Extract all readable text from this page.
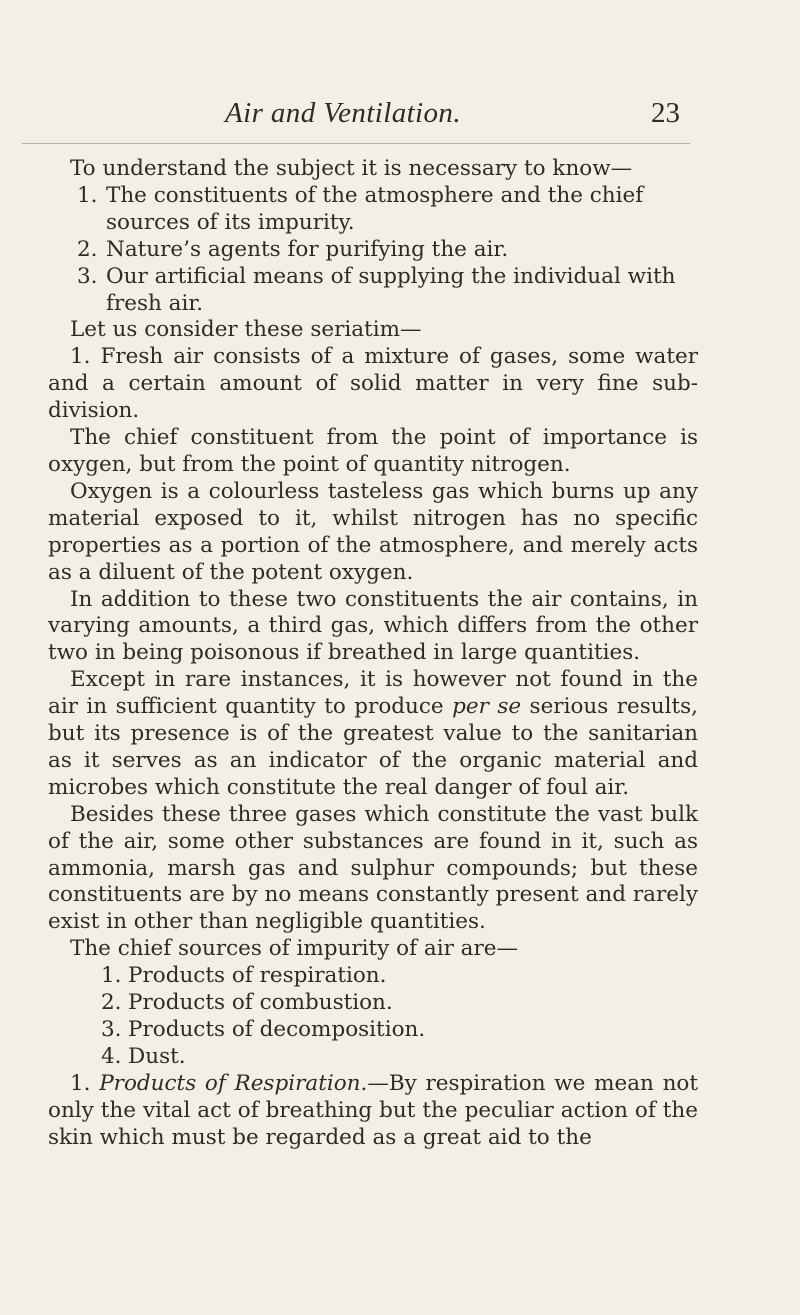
Air and Ventilation.	23

To understand the subject it is necessary to know—

1. The constituents of the atmosphere and the chief sources of its impurity.
2. Nature’s agents for purifying the air.
3. Our artificial means of supplying the individual with fresh air.

Let us consider these seriatim—

1. Fresh air consists of a mixture of gases, some water and a certain amount of solid matter in very fine sub-division.

The chief constituent from the point of importance is oxygen, but from the point of quantity nitrogen.

Oxygen is a colourless tasteless gas which burns up any material exposed to it, whilst nitrogen has no specific properties as a portion of the atmosphere, and merely acts as a diluent of the potent oxygen.

In addition to these two constituents the air contains, in varying amounts, a third gas, which differs from the other two in being poisonous if breathed in large quantities.

Except in rare instances, it is however not found in the air in sufficient quantity to produce per se serious results, but its presence is of the greatest value to the sanitarian as it serves as an indicator of the organic material and microbes which constitute the real danger of foul air.

Besides these three gases which constitute the vast bulk of the air, some other substances are found in it, such as ammonia, marsh gas and sulphur compounds; but these constituents are by no means constantly present and rarely exist in other than negligible quantities.

The chief sources of impurity of air are—

1. Products of respiration.
2. Products of combustion.
3. Products of decomposition.
4. Dust.

1. Products of Respiration.—By respiration we mean not only the vital act of breathing but the peculiar action of the skin which must be regarded as a great aid to the
